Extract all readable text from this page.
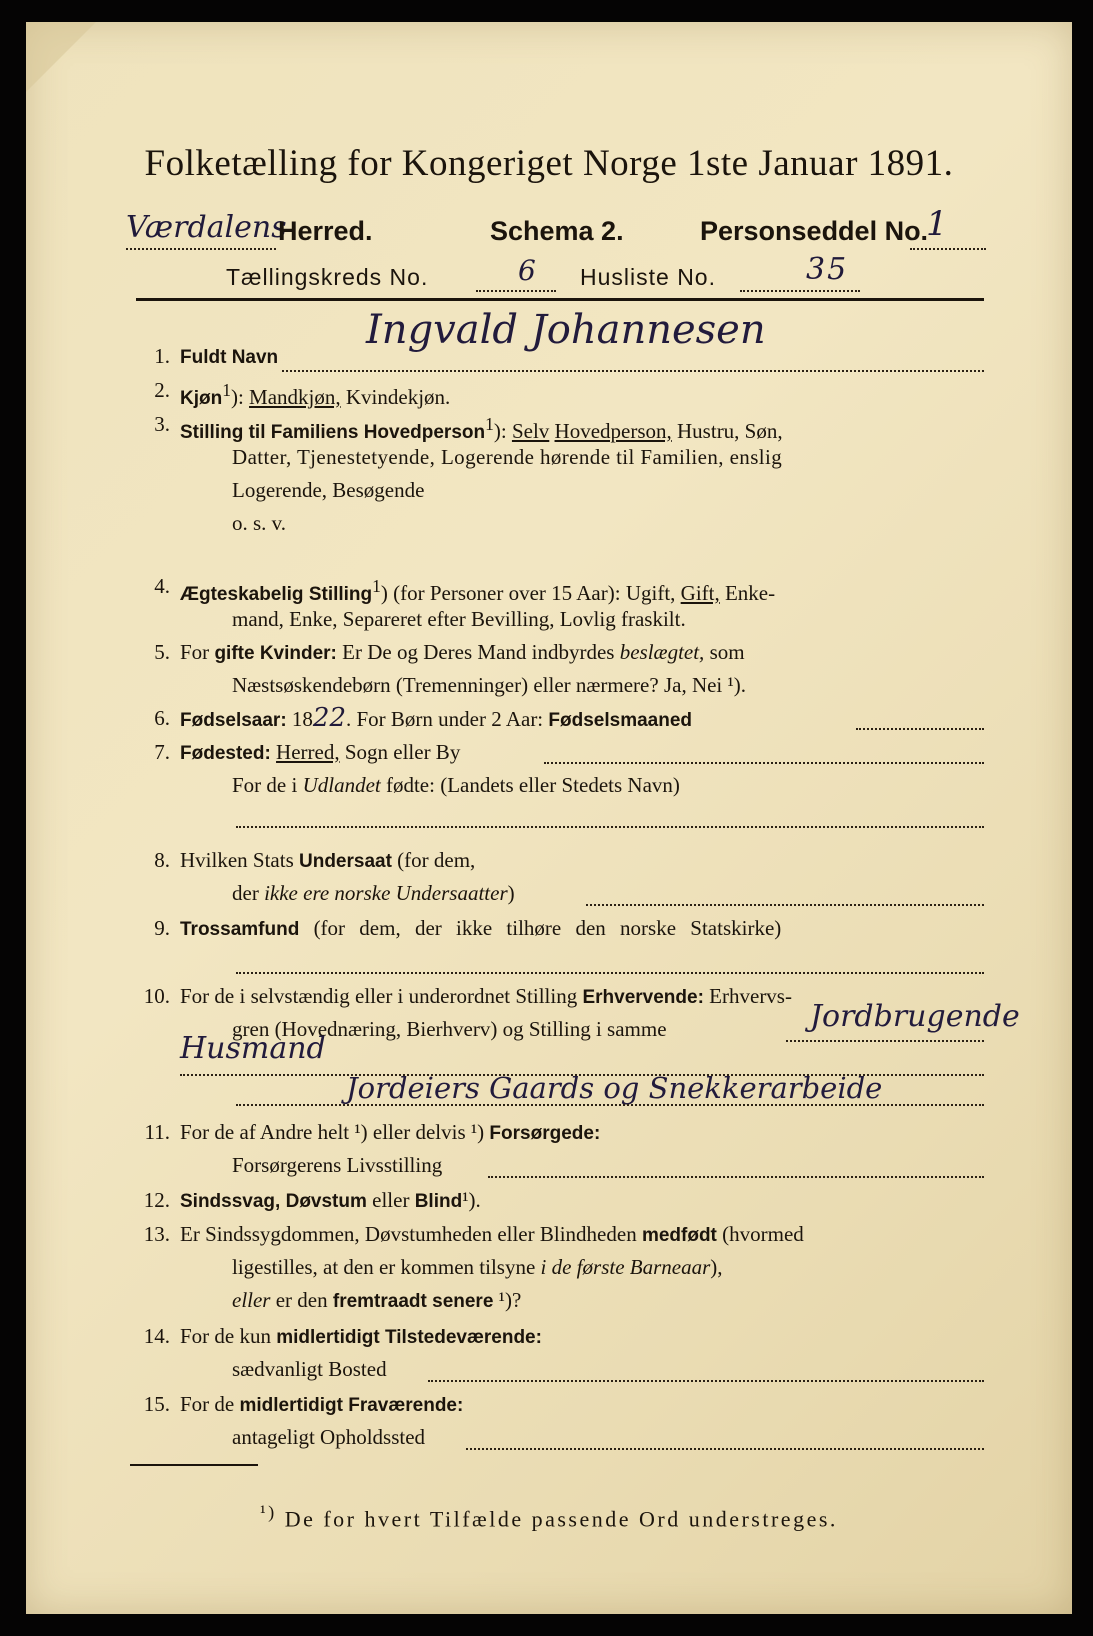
Folketælling for Kongeriget Norge 1ste Januar 1891.
Værdalens
Herred.	Schema 2.	Personseddel No.
1
Tællingskreds No.	6 Husliste No.	35
1. Fuldt Navn
Ingvald Johannesen
2. Kjøn$^1$): Mandkjøn, Kvindekjøn.
3. Stilling til Familiens Hovedperson$^1$): Selv Hovedperson, Hustru, Søn,
Datter, Tjenestetyende, Logerende hørende til Familien, enslig
Logerende, Besøgende
o. s. v.
4. Ægteskabelig Stilling$^1$) (for Personer over 15 Aar): Ugift, Gift, Enke-
mand, Enke, Separeret efter Bevilling, Lovlig fraskilt.
5. For gifte Kvinder: Er De og Deres Mand indbyrdes beslægtet, som
Næstsøskendebørn (Tremenninger) eller nærmere? Ja, Nei ¹).
6. Fødselsaar: 1822. For Børn under 2 Aar: Fødselsmaaned
7. Fødested: Herred, Sogn eller By
For de i Udlandet fødte: (Landets eller Stedets Navn)
8. Hvilken Stats Undersaat (for dem,
der ikke ere norske Undersaatter)
9. Trossamfund (for dem, der ikke tilhøre den norske Statskirke)
10. For de i selvstændig eller i underordnet Stilling Erhvervende: Erhvervs-
gren (Hovednæring, Bierhverv) og Stilling i samme	Jordbrugende
Husmand
Jordeiers Gaards og Snekkerarbeide
11. For de af Andre helt ¹) eller delvis ¹) Forsørgede:
Forsørgerens Livsstilling
12. Sindssvag, Døvstum eller Blind¹).
13. Er Sindssygdommen, Døvstumheden eller Blindheden medfødt (hvormed
ligestilles, at den er kommen tilsyne i de første Barneaar),
eller er den fremtraadt senere ¹)?
14. For de kun midlertidigt Tilstedeværende:
sædvanligt Bosted
15. For de midlertidigt Fraværende:
antageligt Opholdssted
$^{^1)}$ De for hvert Tilfælde passende Ord understreges.
